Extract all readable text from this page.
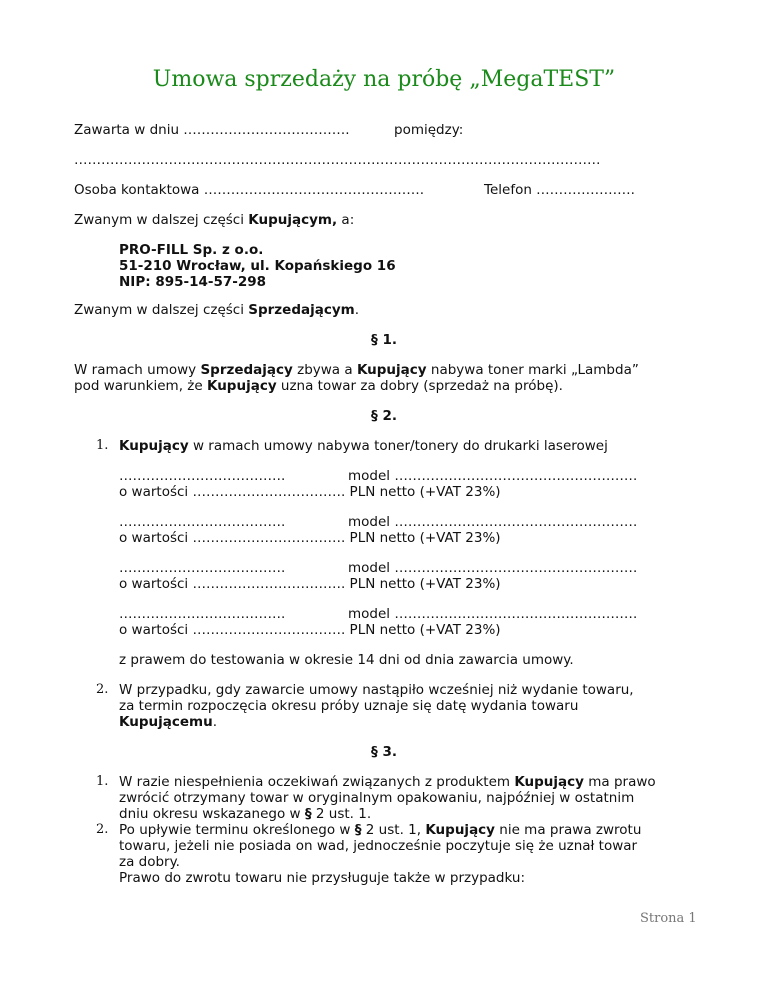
Umowa sprzedaży na próbę „MegaTEST”
Zawarta w dniu ……………………………….	pomiędzy:
………………………………………………………………………………………………………
Osoba kontaktowa ………………………………………….	Telefon ………………….
Zwanym w dalszej części Kupującym, a:
PRO-FILL Sp. z o.o.
51-210 Wrocław, ul. Kopańskiego 16
NIP: 895-14-57-298
Zwanym w dalszej części Sprzedającym.
§ 1.
W ramach umowy Sprzedający zbywa a Kupujący nabywa toner marki „Lambda”
pod warunkiem, że Kupujący uzna towar za dobry (sprzedaż na próbę).
§ 2.
1. Kupujący w ramach umowy nabywa toner/tonery do drukarki laserowej
……………………………….	model ………………………………………………
o wartości ……………………………. PLN netto (+VAT 23%)
……………………………….	model ………………………………………………
o wartości ……………………………. PLN netto (+VAT 23%)
……………………………….	model ………………………………………………
o wartości ……………………………. PLN netto (+VAT 23%)
……………………………….	model ………………………………………………
o wartości ……………………………. PLN netto (+VAT 23%)
z prawem do testowania w okresie 14 dni od dnia zawarcia umowy.
2. W przypadku, gdy zawarcie umowy nastąpiło wcześniej niż wydanie towaru,
za termin rozpoczęcia okresu próby uznaje się datę wydania towaru
Kupującemu.
§ 3.
1. W razie niespełnienia oczekiwań związanych z produktem Kupujący ma prawo
zwrócić otrzymany towar w oryginalnym opakowaniu, najpóźniej w ostatnim
dniu okresu wskazanego w § 2 ust. 1.
2. Po upływie terminu określonego w § 2 ust. 1, Kupujący nie ma prawa zwrotu
towaru, jeżeli nie posiada on wad, jednocześnie poczytuje się że uznał towar
za dobry.
Prawo do zwrotu towaru nie przysługuje także w przypadku:
Strona 1
